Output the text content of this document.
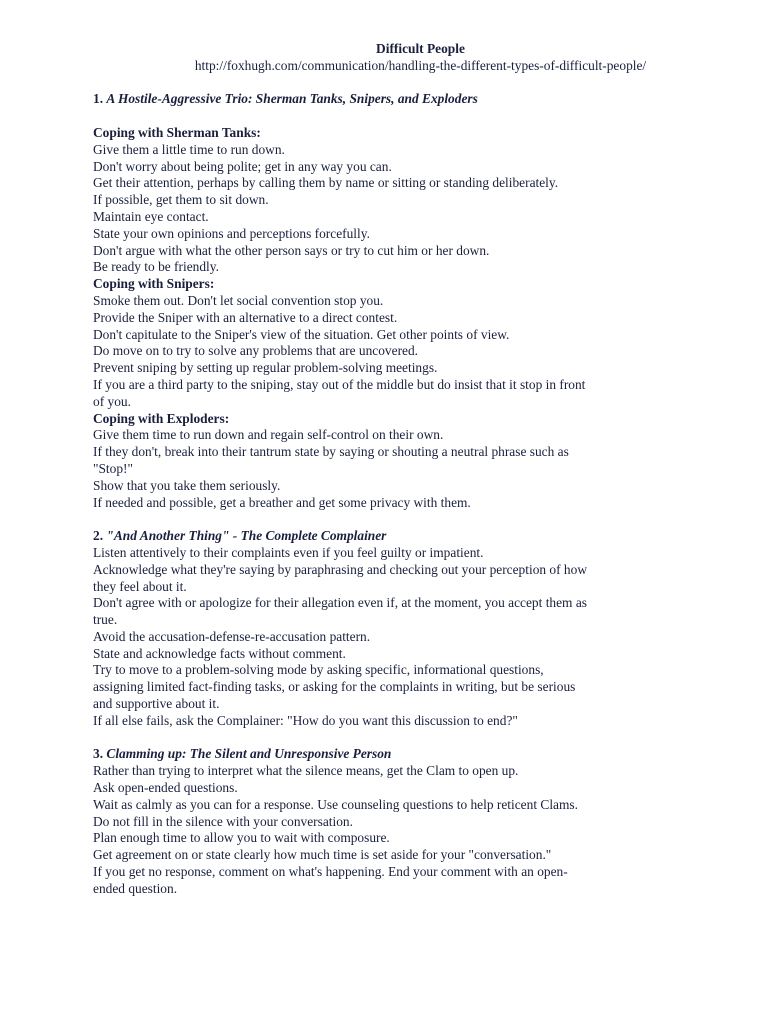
Difficult People

http://foxhugh.com/communication/handling-the-different-types-of-difficult-people/

1. A Hostile-Aggressive Trio: Sherman Tanks, Snipers, and Exploders

Coping with Sherman Tanks:

Give them a little time to run down.

Don't worry about being polite; get in any way you can.

Get their attention, perhaps by calling them by name or sitting or standing deliberately.

If possible, get them to sit down.

Maintain eye contact.

State your own opinions and perceptions forcefully.

Don't argue with what the other person says or try to cut him or her down.

Be ready to be friendly.

Coping with Snipers:

Smoke them out. Don't let social convention stop you.

Provide the Sniper with an alternative to a direct contest.

Don't capitulate to the Sniper's view of the situation. Get other points of view.

Do move on to try to solve any problems that are uncovered.

Prevent sniping by setting up regular problem-solving meetings.

If you are a third party to the sniping, stay out of the middle but do insist that it stop in front

of you.

Coping with Exploders:

Give them time to run down and regain self-control on their own.

If they don't, break into their tantrum state by saying or shouting a neutral phrase such as

"Stop!"

Show that you take them seriously.

If needed and possible, get a breather and get some privacy with them.

2. "And Another Thing" - The Complete Complainer

Listen attentively to their complaints even if you feel guilty or impatient.

Acknowledge what they're saying by paraphrasing and checking out your perception of how

they feel about it.

Don't agree with or apologize for their allegation even if, at the moment, you accept them as

true.

Avoid the accusation-defense-re-accusation pattern.

State and acknowledge facts without comment.

Try to move to a problem-solving mode by asking specific, informational questions,

assigning limited fact-finding tasks, or asking for the complaints in writing, but be serious

and supportive about it.

If all else fails, ask the Complainer: "How do you want this discussion to end?"

3. Clamming up: The Silent and Unresponsive Person

Rather than trying to interpret what the silence means, get the Clam to open up.

Ask open-ended questions.

Wait as calmly as you can for a response. Use counseling questions to help reticent Clams.

Do not fill in the silence with your conversation.

Plan enough time to allow you to wait with composure.

Get agreement on or state clearly how much time is set aside for your "conversation."

If you get no response, comment on what's happening. End your comment with an open-

ended question.
